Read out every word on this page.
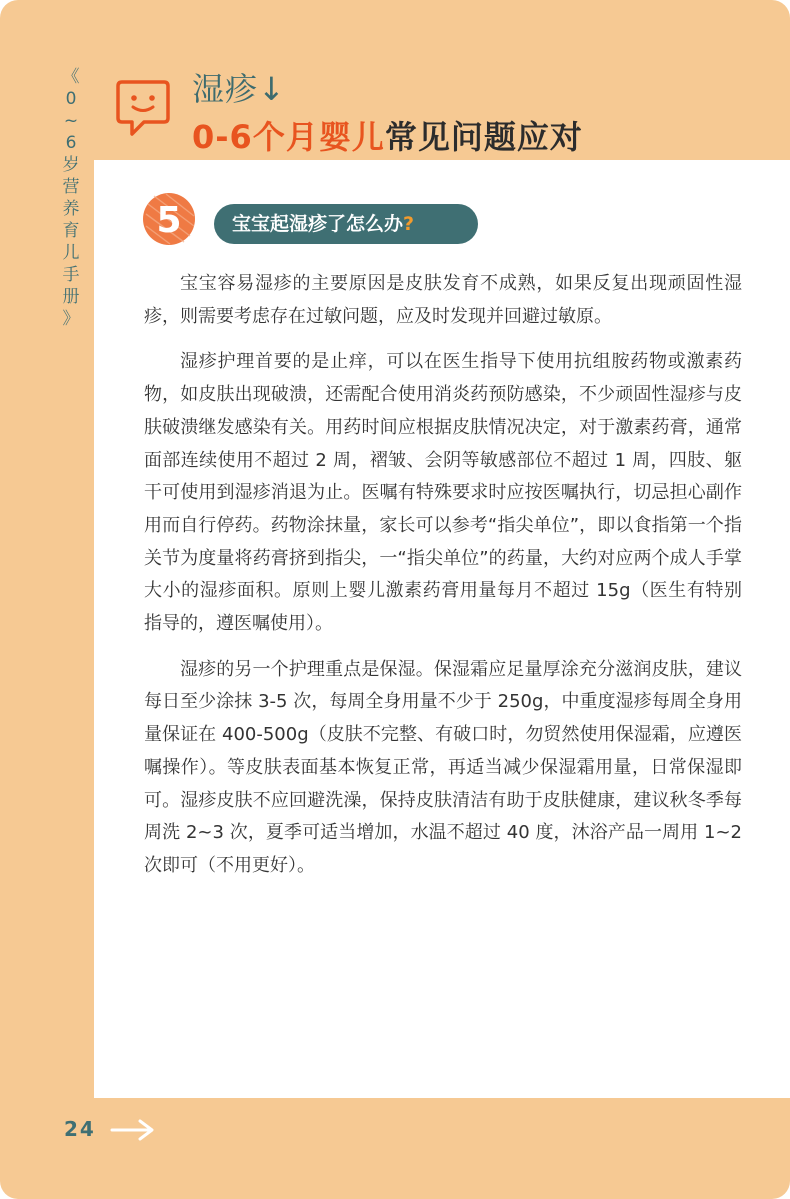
《
0
~
6
岁
营
养
育
儿
手
册
》
湿疹↓
0-6个月婴儿常见问题应对
5	宝宝起湿疹了怎么办?

宝宝容易湿疹的主要原因是皮肤发育不成熟，如果反复出现顽固性湿疹，则需要考虑存在过敏问题，应及时发现并回避过敏原。

湿疹护理首要的是止痒，可以在医生指导下使用抗组胺药物或激素药物，如皮肤出现破溃，还需配合使用消炎药预防感染，不少顽固性湿疹与皮肤破溃继发感染有关。用药时间应根据皮肤情况决定，对于激素药膏，通常面部连续使用不超过 2 周，褶皱、会阴等敏感部位不超过 1 周，四肢、躯干可使用到湿疹消退为止。医嘱有特殊要求时应按医嘱执行，切忌担心副作用而自行停药。药物涂抹量，家长可以参考“指尖单位”，即以食指第一个指关节为度量将药膏挤到指尖，一“指尖单位”的药量，大约对应两个成人手掌大小的湿疹面积。原则上婴儿激素药膏用量每月不超过 15g（医生有特别指导的，遵医嘱使用）。

湿疹的另一个护理重点是保湿。保湿霜应足量厚涂充分滋润皮肤，建议每日至少涂抹 3-5 次，每周全身用量不少于 250g，中重度湿疹每周全身用量保证在 400-500g（皮肤不完整、有破口时，勿贸然使用保湿霜，应遵医嘱操作）。等皮肤表面基本恢复正常，再适当减少保湿霜用量，日常保湿即可。湿疹皮肤不应回避洗澡，保持皮肤清洁有助于皮肤健康，建议秋冬季每周洗 2~3 次，夏季可适当增加，水温不超过 40 度，沐浴产品一周用 1~2 次即可（不用更好）。

24
